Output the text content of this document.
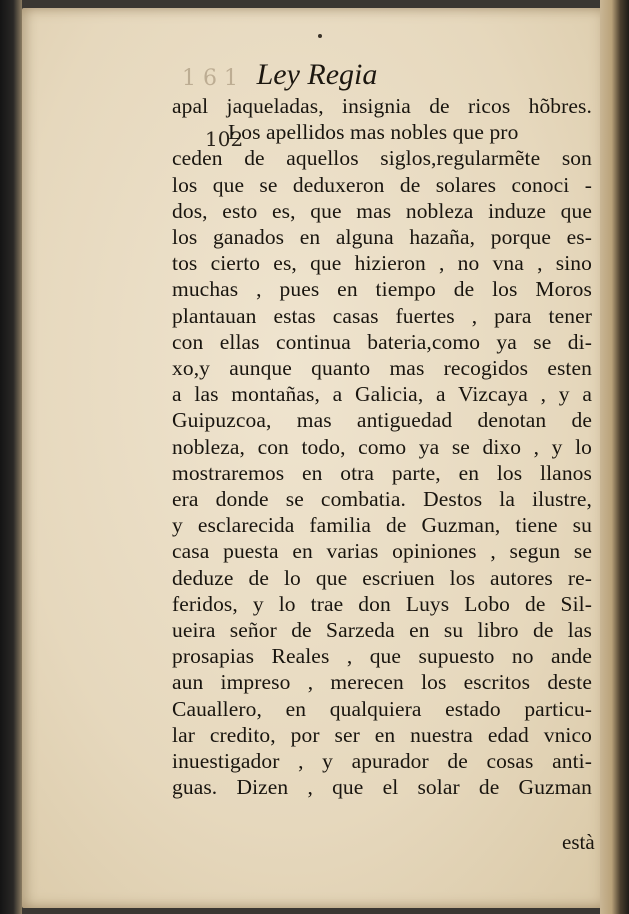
1 6 1 Ley Regia
102
apal jaqueladas, insignia de ricos hõbres.
Los apellidos mas nobles que pro
ceden de aquellos siglos,regularmẽte son
los que se deduxeron de solares conoci -
dos, esto es, que mas nobleza induze que
los ganados en alguna hazaña, porque es-
tos cierto es, que hizieron , no vna , sino
muchas , pues en tiempo de los Moros
plantauan estas casas fuertes , para tener
con ellas continua bateria,como ya se di-
xo,y aunque quanto mas recogidos esten
a las montañas, a Galicia, a Vizcaya , y a
Guipuzcoa, mas antiguedad denotan de
nobleza, con todo, como ya se dixo , y lo
mostraremos en otra parte, en los llanos
era donde se combatia. Destos la ilustre,
y esclarecida familia de Guzman, tiene su
casa puesta en varias opiniones , segun se
deduze de lo que escriuen los autores re-
feridos, y lo trae don Luys Lobo de Sil-
ueira señor de Sarzeda en su libro de las
prosapias Reales , que supuesto no ande
aun impreso , merecen los escritos deste
Cauallero, en qualquiera estado particu-
lar credito, por ser en nuestra edad vnico
inuestigador , y apurador de cosas anti-
guas. Dizen , que el solar de Guzman
està
